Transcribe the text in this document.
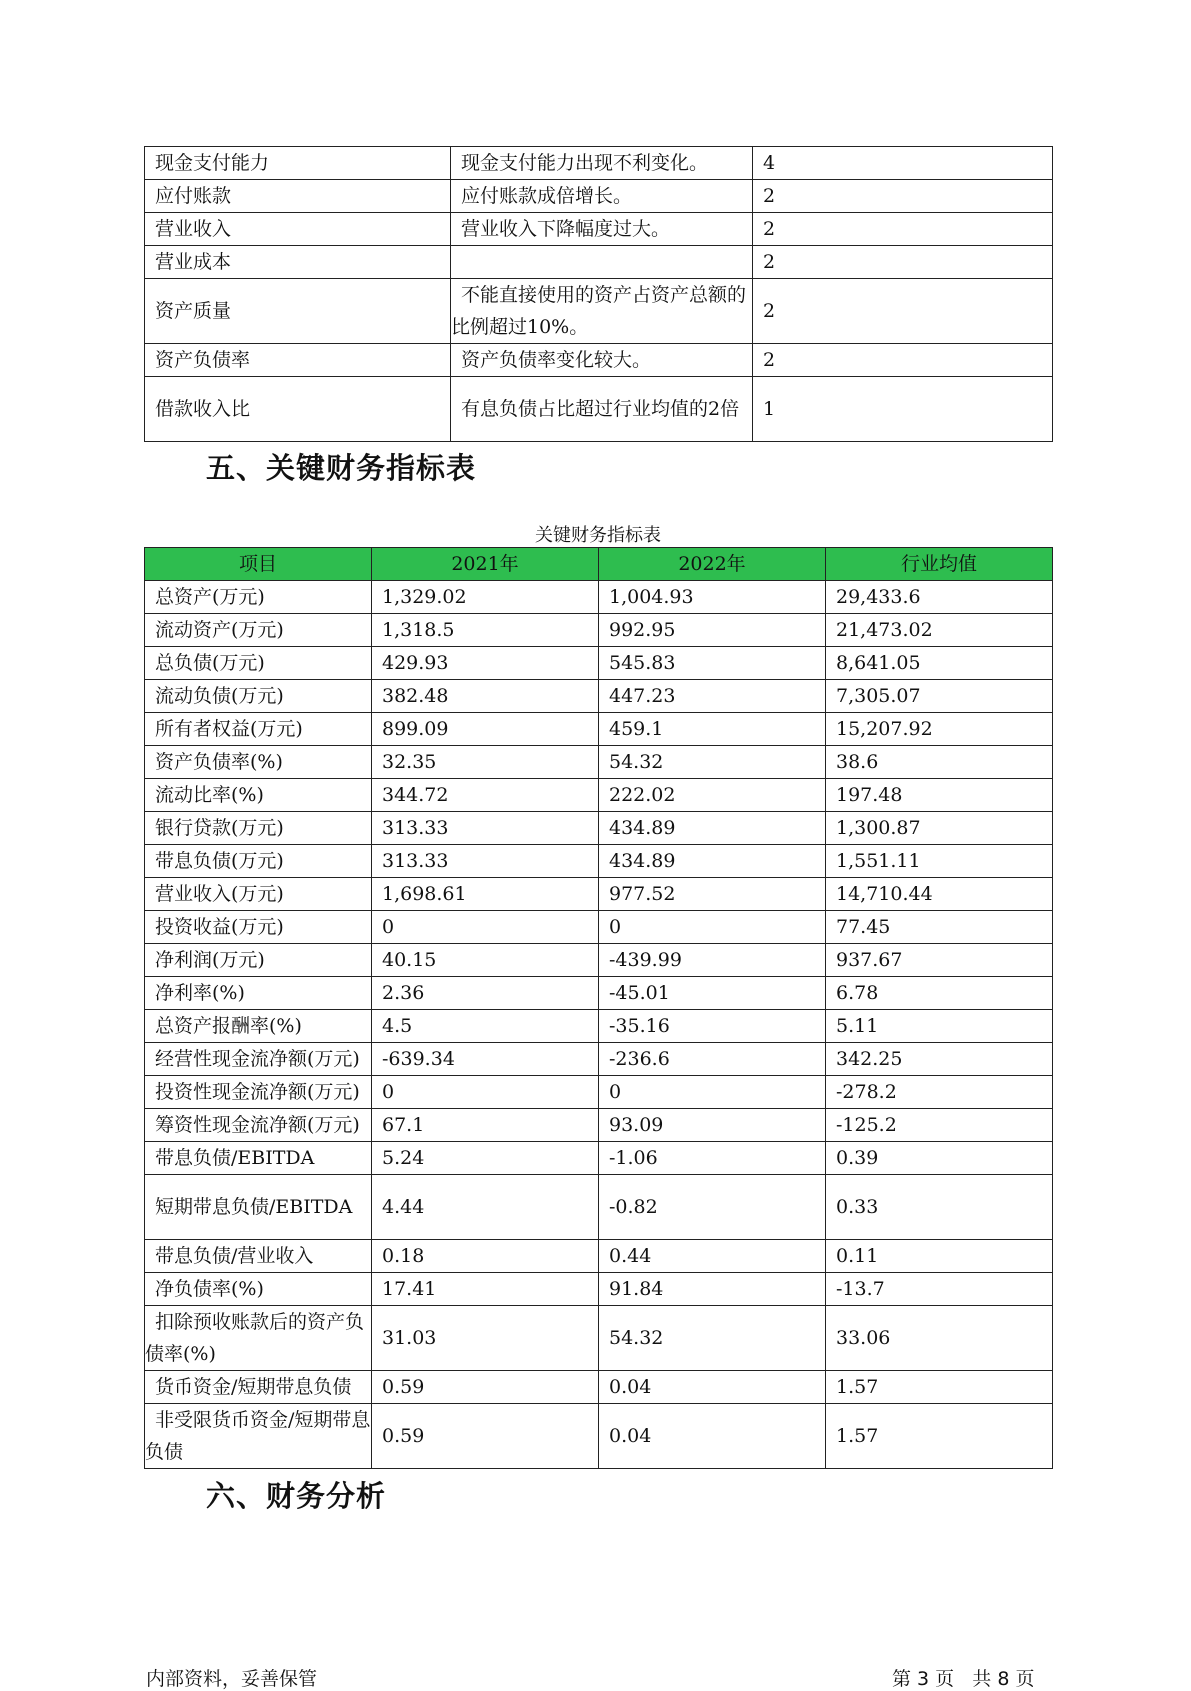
现金支付能力	现金支付能力出现不利变化。	4
应付账款	应付账款成倍增长。	2
营业收入	营业收入下降幅度过大。	2
营业成本		2
资产质量	不能直接使用的资产占资产总额的比例超过10%。	2
资产负债率	资产负债率变化较大。	2
借款收入比	有息负债占比超过行业均值的2倍	1
五、关键财务指标表
关键财务指标表
项目	2021年	2022年	行业均值
总资产(万元)	1,329.02	1,004.93	29,433.6
流动资产(万元)	1,318.5	992.95	21,473.02
总负债(万元)	429.93	545.83	8,641.05
流动负债(万元)	382.48	447.23	7,305.07
所有者权益(万元)	899.09	459.1	15,207.92
资产负债率(%)	32.35	54.32	38.6
流动比率(%)	344.72	222.02	197.48
银行贷款(万元)	313.33	434.89	1,300.87
带息负债(万元)	313.33	434.89	1,551.11
营业收入(万元)	1,698.61	977.52	14,710.44
投资收益(万元)	0	0	77.45
净利润(万元)	40.15	-439.99	937.67
净利率(%)	2.36	-45.01	6.78
总资产报酬率(%)	4.5	-35.16	5.11
经营性现金流净额(万元)	-639.34	-236.6	342.25
投资性现金流净额(万元)	0	0	-278.2
筹资性现金流净额(万元)	67.1	93.09	-125.2
带息负债/EBITDA	5.24	-1.06	0.39
短期带息负债/EBITDA	4.44	-0.82	0.33
带息负债/营业收入	0.18	0.44	0.11
净负债率(%)	17.41	91.84	-13.7
扣除预收账款后的资产负债率(%)	31.03	54.32	33.06
货币资金/短期带息负债	0.59	0.04	1.57
非受限货币资金/短期带息负债	0.59	0.04	1.57
六、财务分析
内部资料，妥善保管	第 3 页   共 8 页
